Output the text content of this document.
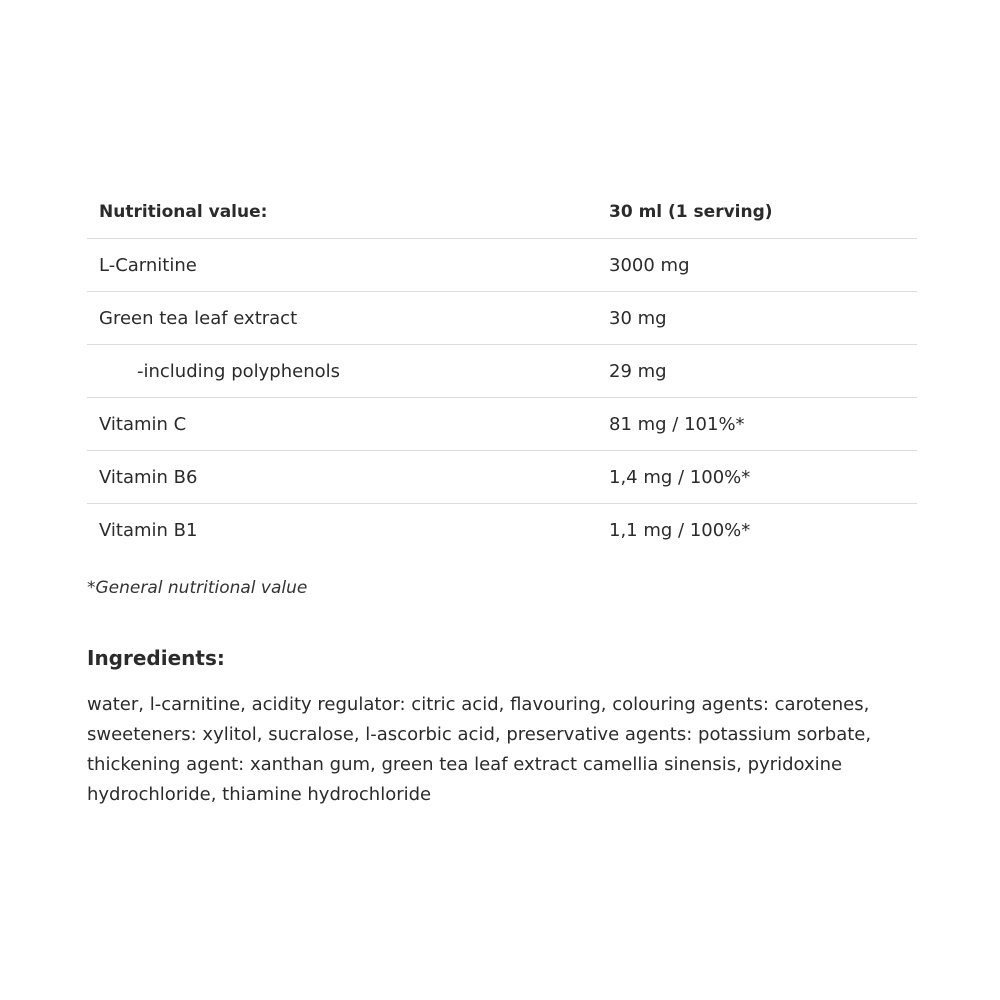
Nutritional value:	30 ml (1 serving)
L-Carnitine	3000 mg
Green tea leaf extract	30 mg
-including polyphenols	29 mg
Vitamin C	81 mg / 101%*
Vitamin B6	1,4 mg / 100%*
Vitamin B1	1,1 mg / 100%*
*General nutritional value
Ingredients:
water, l-carnitine, acidity regulator: citric acid, flavouring, colouring agents: carotenes, sweeteners: xylitol, sucralose, l-ascorbic acid, preservative agents: potassium sorbate, thickening agent: xanthan gum, green tea leaf extract camellia sinensis, pyridoxine hydrochloride, thiamine hydrochloride
